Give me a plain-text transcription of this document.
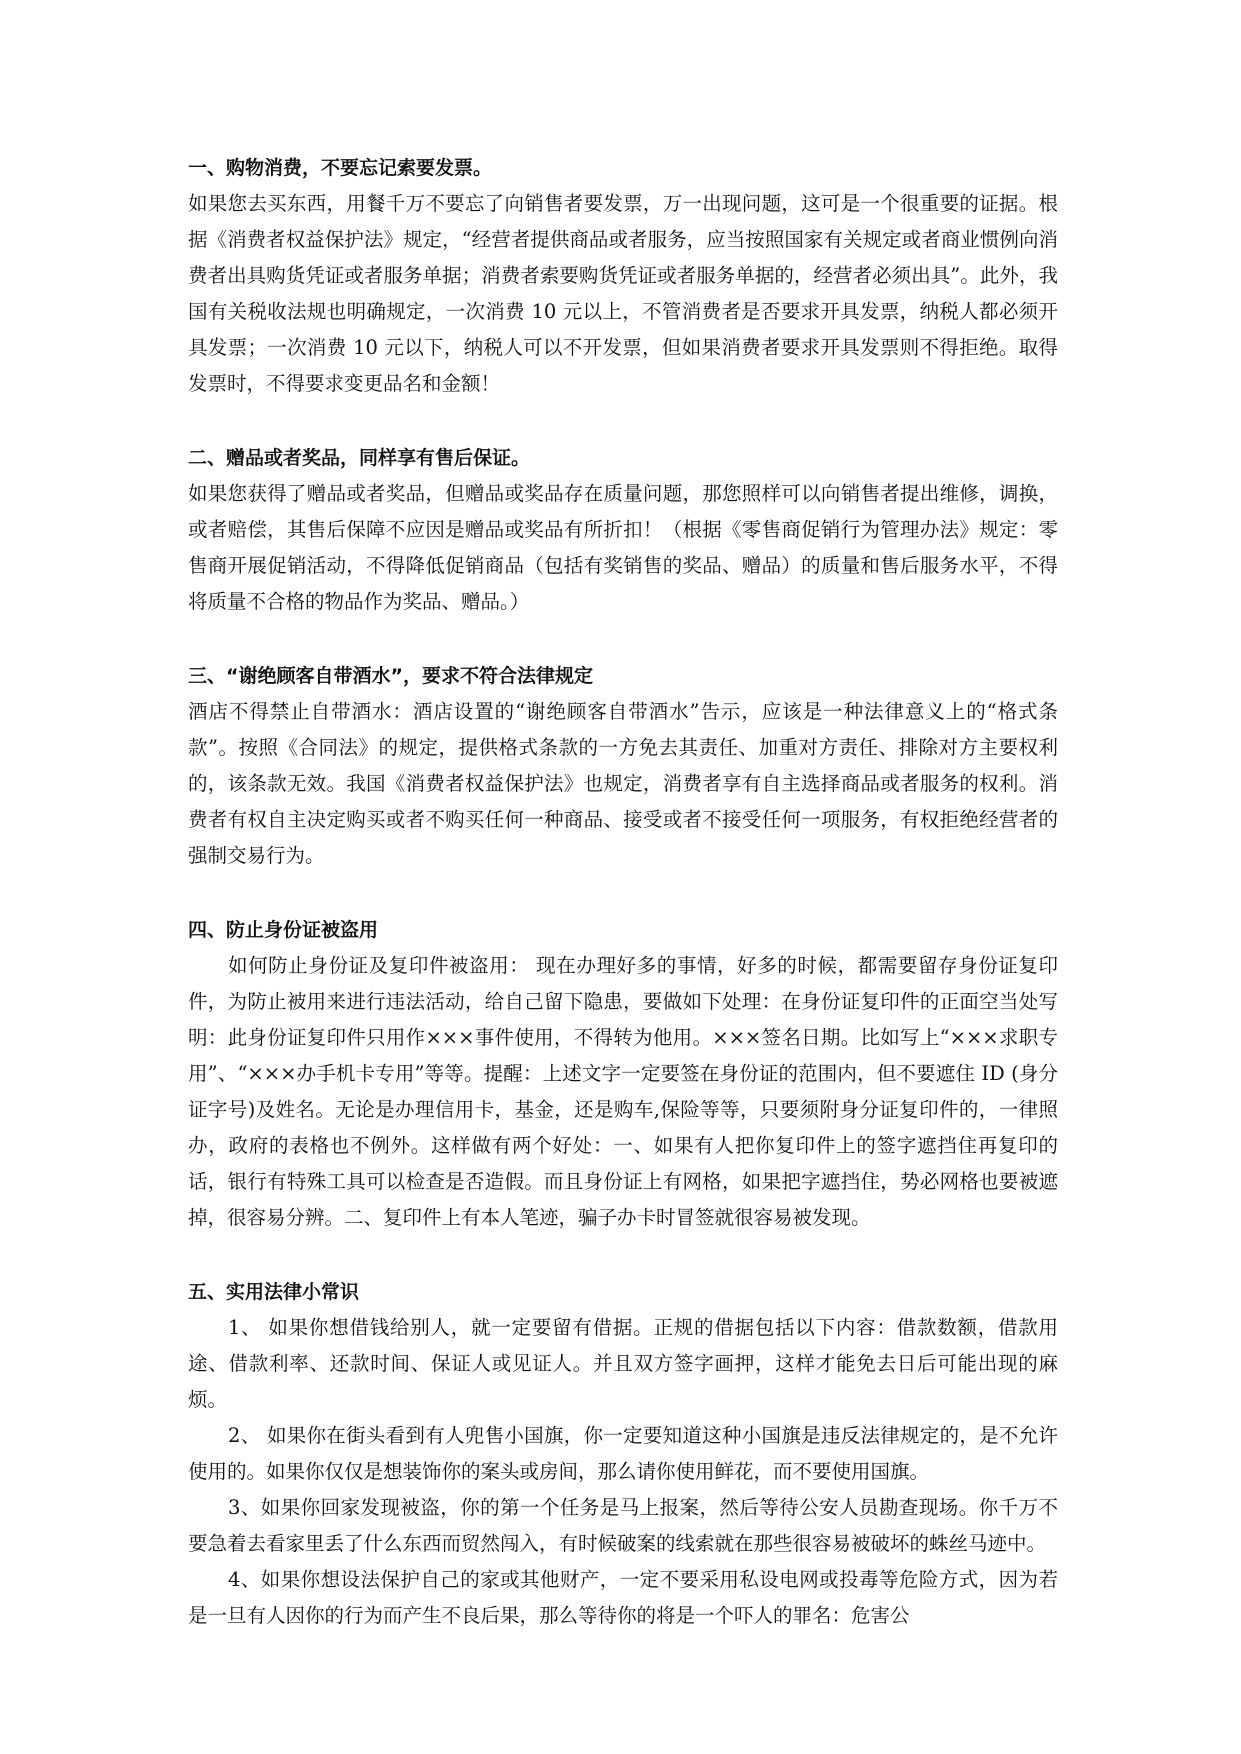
一、购物消费，不要忘记索要发票。

如果您去买东西，用餐千万不要忘了向销售者要发票，万一出现问题，这可是一个很重要的证据。根据《消费者权益保护法》规定，“经营者提供商品或者服务，应当按照国家有关规定或者商业惯例向消费者出具购货凭证或者服务单据；消费者索要购货凭证或者服务单据的，经营者必须出具”。此外，我国有关税收法规也明确规定，一次消费 10 元以上，不管消费者是否要求开具发票，纳税人都必须开具发票；一次消费 10 元以下，纳税人可以不开发票，但如果消费者要求开具发票则不得拒绝。取得发票时，不得要求变更品名和金额！

二、赠品或者奖品，同样享有售后保证。

如果您获得了赠品或者奖品，但赠品或奖品存在质量问题，那您照样可以向销售者提出维修，调换，或者赔偿，其售后保障不应因是赠品或奖品有所折扣！（根据《零售商促销行为管理办法》规定：零售商开展促销活动，不得降低促销商品（包括有奖销售的奖品、赠品）的质量和售后服务水平，不得将质量不合格的物品作为奖品、赠品。）

三、“谢绝顾客自带酒水”，要求不符合法律规定

酒店不得禁止自带酒水：酒店设置的“谢绝顾客自带酒水”告示，应该是一种法律意义上的“格式条款”。按照《合同法》的规定，提供格式条款的一方免去其责任、加重对方责任、排除对方主要权利的，该条款无效。我国《消费者权益保护法》也规定，消费者享有自主选择商品或者服务的权利。消费者有权自主决定购买或者不购买任何一种商品、接受或者不接受任何一项服务，有权拒绝经营者的强制交易行为。

四、防止身份证被盗用

如何防止身份证及复印件被盗用： 现在办理好多的事情，好多的时候，都需要留存身份证复印件，为防止被用来进行违法活动，给自己留下隐患，要做如下处理：在身份证复印件的正面空当处写明：此身份证复印件只用作×××事件使用，不得转为他用。×××签名日期。比如写上“×××求职专用”、“×××办手机卡专用”等等。提醒：上述文字一定要签在身份证的范围内，但不要遮住 ID (身分证字号)及姓名。无论是办理信用卡，基金，还是购车,保险等等，只要须附身分证复印件的，一律照办，政府的表格也不例外。这样做有两个好处：一、如果有人把你复印件上的签字遮挡住再复印的话，银行有特殊工具可以检查是否造假。而且身份证上有网格，如果把字遮挡住，势必网格也要被遮掉，很容易分辨。二、复印件上有本人笔迹，骗子办卡时冒签就很容易被发现。

五、实用法律小常识

1、 如果你想借钱给别人，就一定要留有借据。正规的借据包括以下内容：借款数额，借款用途、借款利率、还款时间、保证人或见证人。并且双方签字画押，这样才能免去日后可能出现的麻烦。

2、 如果你在街头看到有人兜售小国旗，你一定要知道这种小国旗是违反法律规定的，是不允许使用的。如果你仅仅是想装饰你的案头或房间，那么请你使用鲜花，而不要使用国旗。

3、如果你回家发现被盗，你的第一个任务是马上报案，然后等待公安人员勘查现场。你千万不要急着去看家里丢了什么东西而贸然闯入，有时候破案的线索就在那些很容易被破坏的蛛丝马迹中。

4、如果你想设法保护自己的家或其他财产，一定不要采用私设电网或投毒等危险方式，因为若是一旦有人因你的行为而产生不良后果，那么等待你的将是一个吓人的罪名：危害公
